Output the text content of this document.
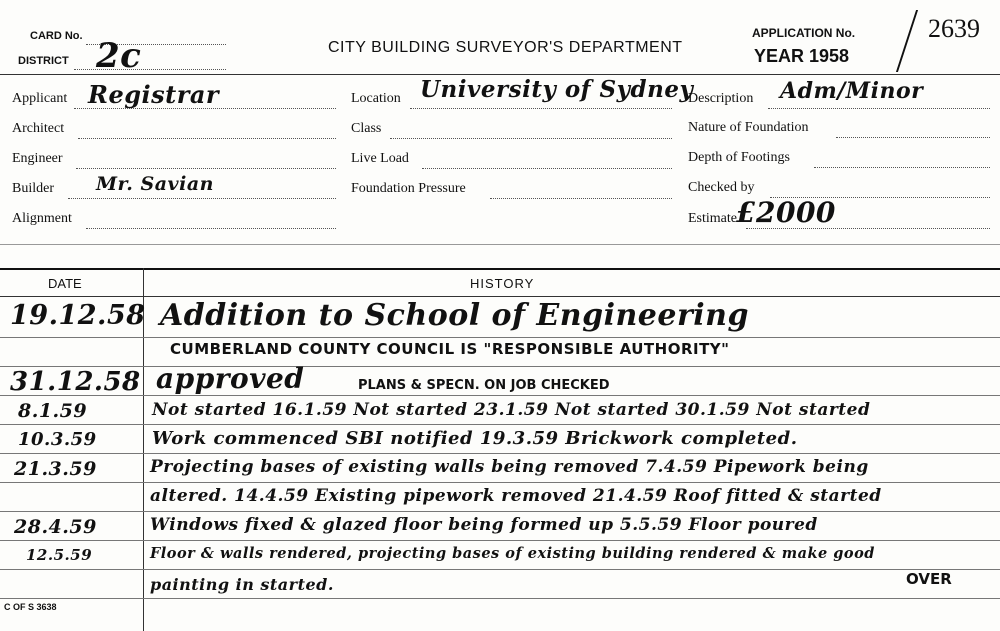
CARD No.
DISTRICT 2c	CITY BUILDING SURVEYOR'S DEPARTMENT
APPLICATION No.
YEAR 1958
2639
Applicant Registrar
Architect
Engineer
Builder Mr. Savian
Alignment
Location University of Sydney
Class
Live Load
Foundation Pressure
Description Adm/Minor
Nature of Foundation
Depth of Footings
Checked by
Estimate £2000
DATE	HISTORY
19.12.58 Addition to School of Engineering
CUMBERLAND COUNTY COUNCIL IS "RESPONSIBLE AUTHORITY"
31.12.58 approved	PLANS & SPECN. ON JOB CHECKED
8.1.59	Not started 16.1.59 Not started 23.1.59 Not started 30.1.59 Not started
10.3.59	Work commenced SBI notified 19.3.59 Brickwork completed.
21.3.59	Projecting bases of existing walls being removed 7.4.59 Pipework being
altered. 14.4.59 Existing pipework removed 21.4.59 Roof fitted & started
28.4.59	Windows fixed & glazed floor being formed up 5.5.59 Floor poured
12.5.59	Floor & walls rendered, projecting bases of existing building rendered & make good
painting in started.	OVER
C OF S 3638
